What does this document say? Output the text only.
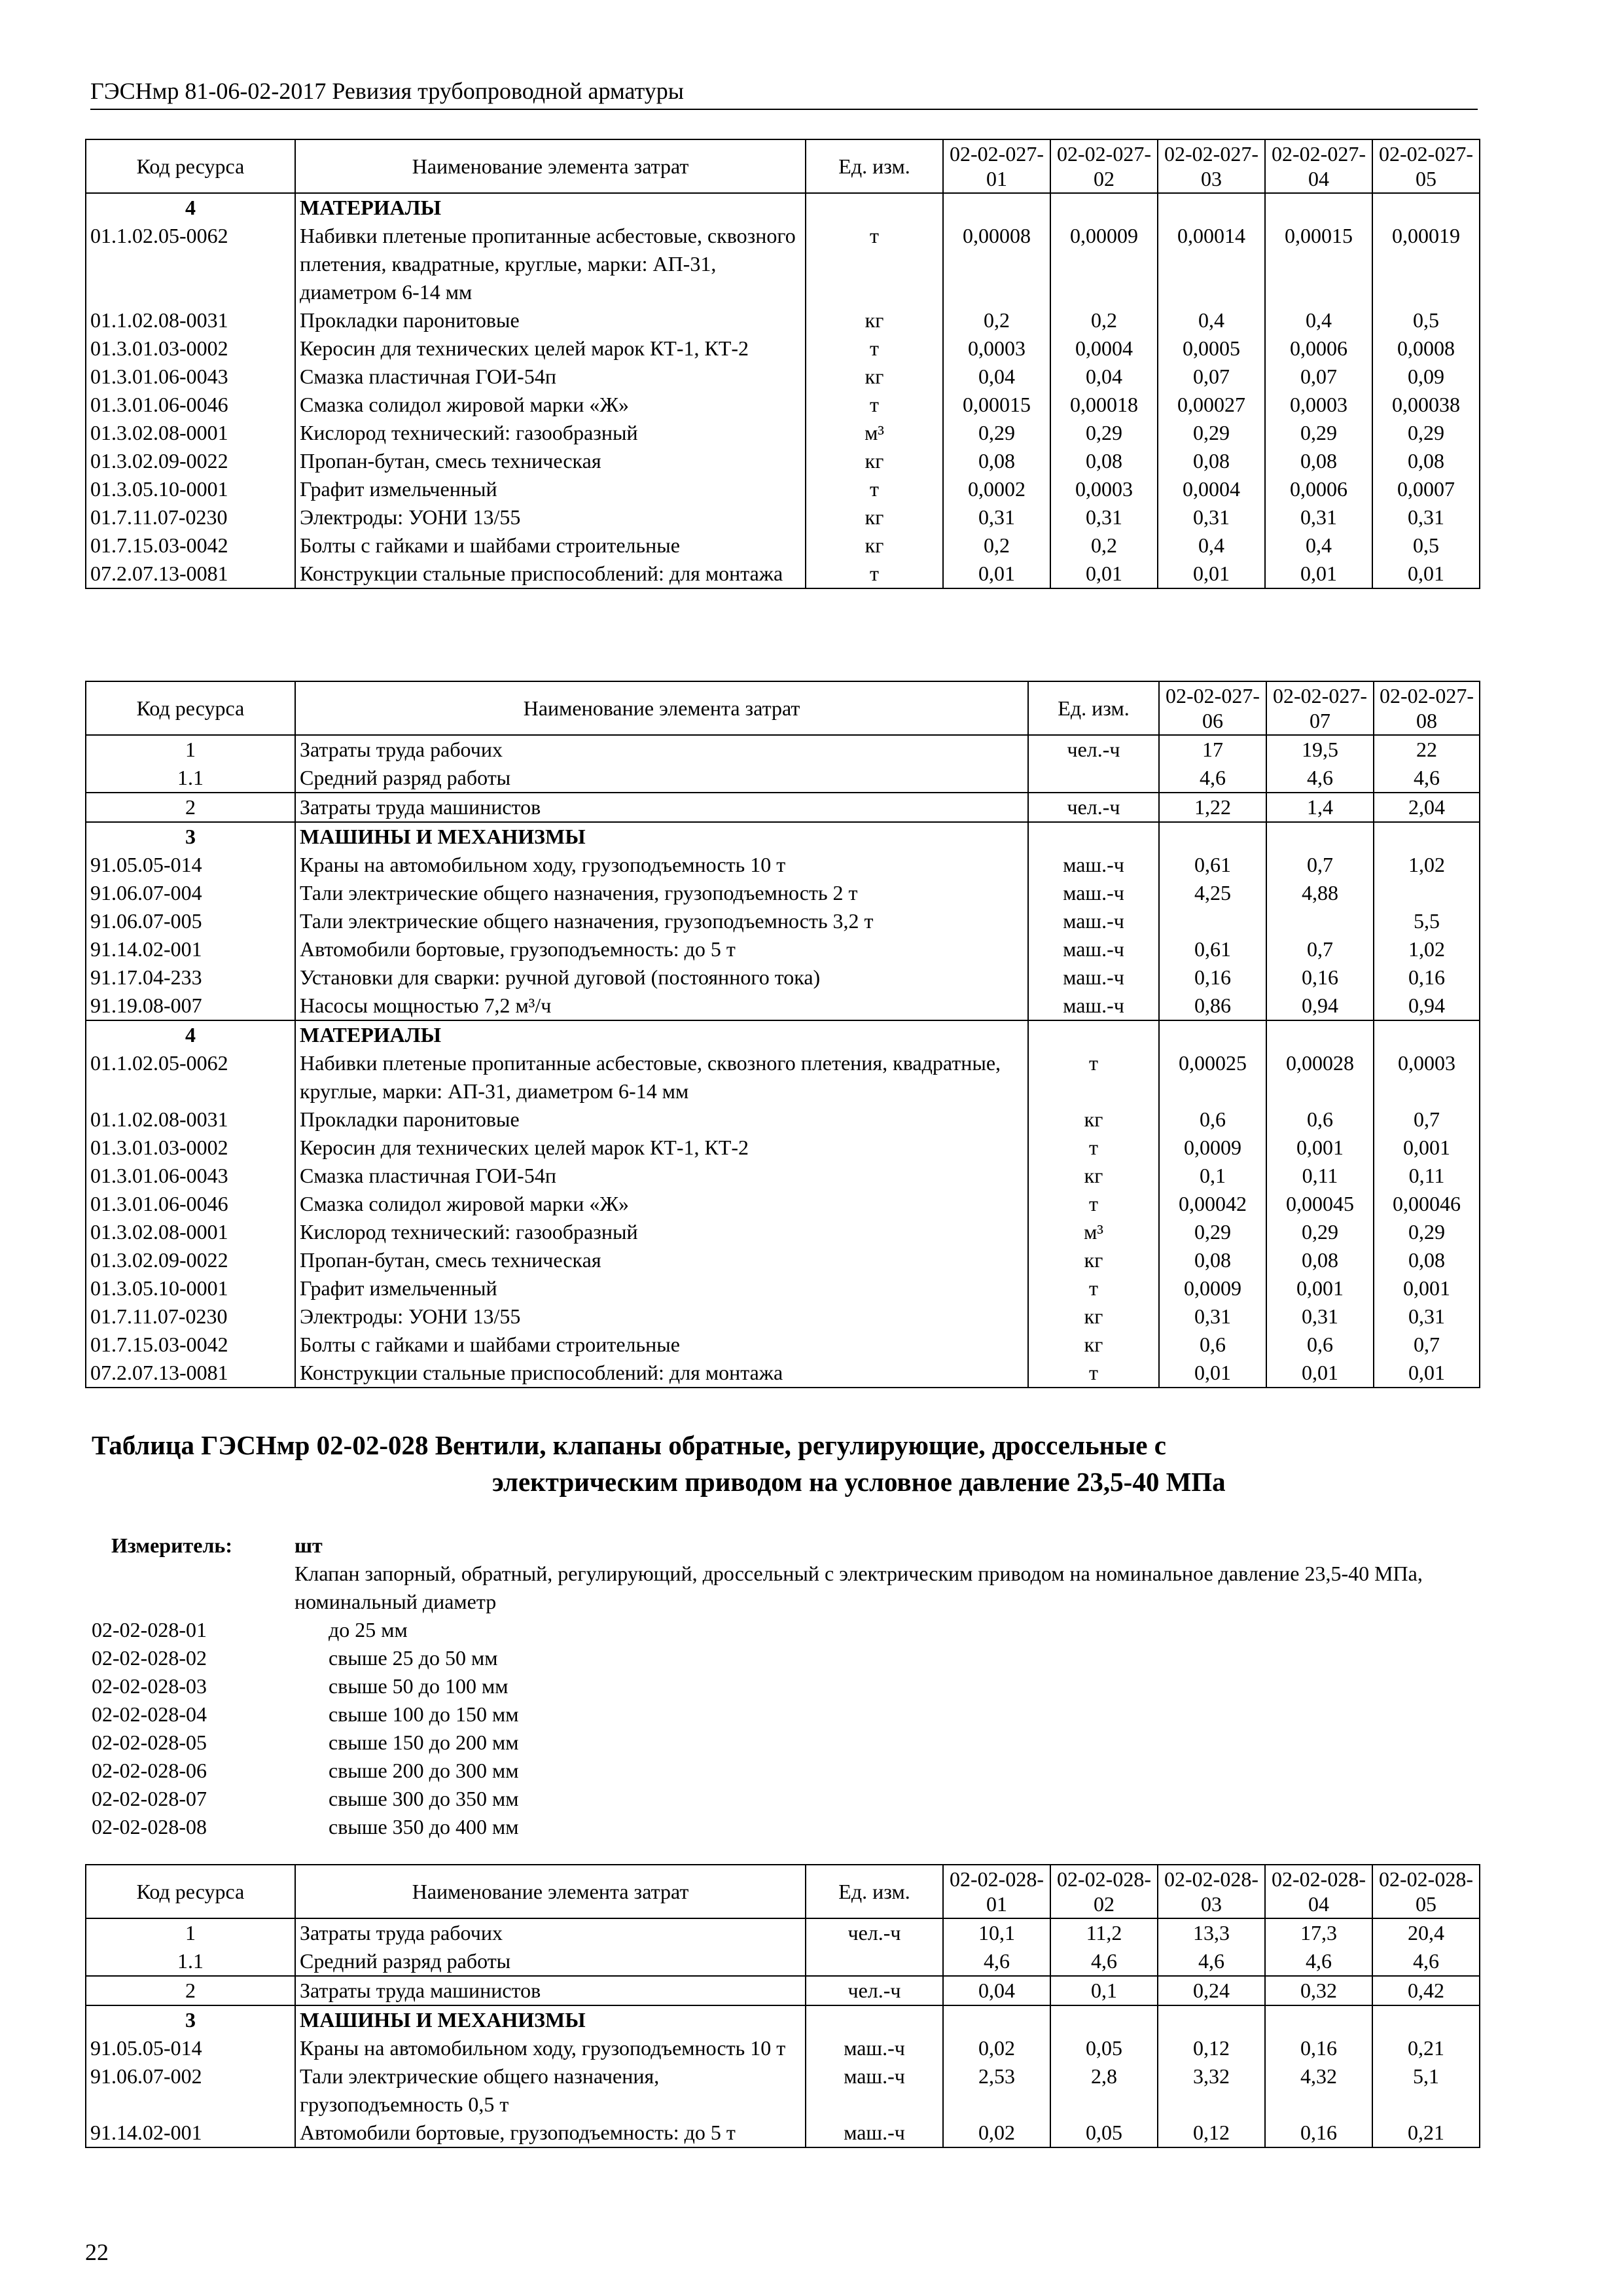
ГЭСНмр 81-06-02-2017 Ревизия трубопроводной арматуры
Код ресурса	Наименование элемента затрат	Ед. изм.	02-02-027-01	02-02-027-02	02-02-027-03	02-02-027-04	02-02-027-05
4	МАТЕРИАЛЫ						
01.1.02.05-0062	Набивки плетеные пропитанные асбестовые, сквозного плетения, квадратные, круглые, марки: АП-31, диаметром 6-14 мм	т	0,00008	0,00009	0,00014	0,00015	0,00019
01.1.02.08-0031	Прокладки паронитовые	кг	0,2	0,2	0,4	0,4	0,5
01.3.01.03-0002	Керосин для технических целей марок КТ-1, КТ-2	т	0,0003	0,0004	0,0005	0,0006	0,0008
01.3.01.06-0043	Смазка пластичная ГОИ-54п	кг	0,04	0,04	0,07	0,07	0,09
01.3.01.06-0046	Смазка солидол жировой марки «Ж»	т	0,00015	0,00018	0,00027	0,0003	0,00038
01.3.02.08-0001	Кислород технический: газообразный	м³	0,29	0,29	0,29	0,29	0,29
01.3.02.09-0022	Пропан-бутан, смесь техническая	кг	0,08	0,08	0,08	0,08	0,08
01.3.05.10-0001	Графит измельченный	т	0,0002	0,0003	0,0004	0,0006	0,0007
01.7.11.07-0230	Электроды: УОНИ 13/55	кг	0,31	0,31	0,31	0,31	0,31
01.7.15.03-0042	Болты с гайками и шайбами строительные	кг	0,2	0,2	0,4	0,4	0,5
07.2.07.13-0081	Конструкции стальные приспособлений: для монтажа	т	0,01	0,01	0,01	0,01	0,01
Код ресурса	Наименование элемента затрат	Ед. изм.	02-02-027-06	02-02-027-07	02-02-027-08
1	Затраты труда рабочих	чел.-ч	17	19,5	22
1.1	Средний разряд работы		4,6	4,6	4,6
2	Затраты труда машинистов	чел.-ч	1,22	1,4	2,04
3	МАШИНЫ И МЕХАНИЗМЫ				
91.05.05-014	Краны на автомобильном ходу, грузоподъемность 10 т	маш.-ч	0,61	0,7	1,02
91.06.07-004	Тали электрические общего назначения, грузоподъемность 2 т	маш.-ч	4,25	4,88	
91.06.07-005	Тали электрические общего назначения, грузоподъемность 3,2 т	маш.-ч			5,5
91.14.02-001	Автомобили бортовые, грузоподъемность: до 5 т	маш.-ч	0,61	0,7	1,02
91.17.04-233	Установки для сварки: ручной дуговой (постоянного тока)	маш.-ч	0,16	0,16	0,16
91.19.08-007	Насосы мощностью 7,2 м³/ч	маш.-ч	0,86	0,94	0,94
4	МАТЕРИАЛЫ				
01.1.02.05-0062	Набивки плетеные пропитанные асбестовые, сквозного плетения, квадратные, круглые, марки: АП-31, диаметром 6-14 мм	т	0,00025	0,00028	0,0003
01.1.02.08-0031	Прокладки паронитовые	кг	0,6	0,6	0,7
01.3.01.03-0002	Керосин для технических целей марок КТ-1, КТ-2	т	0,0009	0,001	0,001
01.3.01.06-0043	Смазка пластичная ГОИ-54п	кг	0,1	0,11	0,11
01.3.01.06-0046	Смазка солидол жировой марки «Ж»	т	0,00042	0,00045	0,00046
01.3.02.08-0001	Кислород технический: газообразный	м³	0,29	0,29	0,29
01.3.02.09-0022	Пропан-бутан, смесь техническая	кг	0,08	0,08	0,08
01.3.05.10-0001	Графит измельченный	т	0,0009	0,001	0,001
01.7.11.07-0230	Электроды: УОНИ 13/55	кг	0,31	0,31	0,31
01.7.15.03-0042	Болты с гайками и шайбами строительные	кг	0,6	0,6	0,7
07.2.07.13-0081	Конструкции стальные приспособлений: для монтажа	т	0,01	0,01	0,01
Таблица ГЭСНмр 02-02-028 Вентили, клапаны обратные, регулирующие, дроссельные с
электрическим приводом на условное давление 23,5-40 МПа
Измеритель:	шт
Клапан запорный, обратный, регулирующий, дроссельный с электрическим приводом на номинальное давление 23,5-40 МПа, номинальный диаметр
02-02-028-01	до 25 мм
02-02-028-02	свыше 25 до 50 мм
02-02-028-03	свыше 50 до 100 мм
02-02-028-04	свыше 100 до 150 мм
02-02-028-05	свыше 150 до 200 мм
02-02-028-06	свыше 200 до 300 мм
02-02-028-07	свыше 300 до 350 мм
02-02-028-08	свыше 350 до 400 мм
Код ресурса	Наименование элемента затрат	Ед. изм.	02-02-028-01	02-02-028-02	02-02-028-03	02-02-028-04	02-02-028-05
1	Затраты труда рабочих	чел.-ч	10,1	11,2	13,3	17,3	20,4
1.1	Средний разряд работы		4,6	4,6	4,6	4,6	4,6
2	Затраты труда машинистов	чел.-ч	0,04	0,1	0,24	0,32	0,42
3	МАШИНЫ И МЕХАНИЗМЫ						
91.05.05-014	Краны на автомобильном ходу, грузоподъемность 10 т	маш.-ч	0,02	0,05	0,12	0,16	0,21
91.06.07-002	Тали электрические общего назначения, грузоподъемность 0,5 т	маш.-ч	2,53	2,8	3,32	4,32	5,1
91.14.02-001	Автомобили бортовые, грузоподъемность: до 5 т	маш.-ч	0,02	0,05	0,12	0,16	0,21
22
